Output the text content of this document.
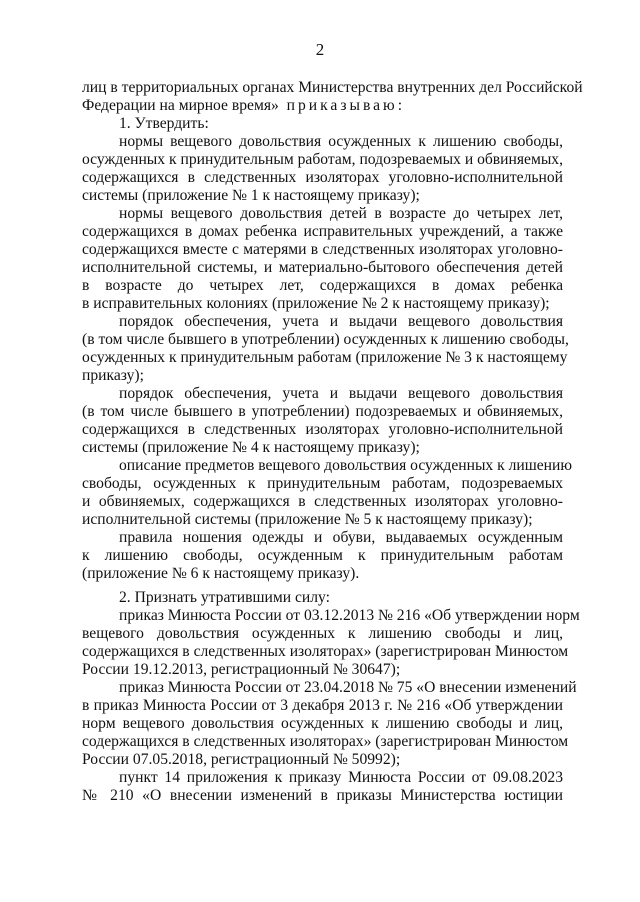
2
лиц в территориальных органах Министерства внутренних дел Российской
Федерации на мирное время» приказываю:
1. Утвердить:
нормы вещевого довольствия осужденных к лишению свободы,
осужденных к принудительным работам, подозреваемых и обвиняемых,
содержащихся в следственных изоляторах уголовно-исполнительной
системы (приложение № 1 к настоящему приказу);
нормы вещевого довольствия детей в возрасте до четырех лет,
содержащихся в домах ребенка исправительных учреждений, а также
содержащихся вместе с матерями в следственных изоляторах уголовно-
исполнительной системы, и материально-бытового обеспечения детей
в возрасте до четырех лет, содержащихся в домах ребенка
в исправительных колониях (приложение № 2 к настоящему приказу);
порядок обеспечения, учета и выдачи вещевого довольствия
(в том числе бывшего в употреблении) осужденных к лишению свободы,
осужденных к принудительным работам (приложение № 3 к настоящему
приказу);
порядок обеспечения, учета и выдачи вещевого довольствия
(в том числе бывшего в употреблении) подозреваемых и обвиняемых,
содержащихся в следственных изоляторах уголовно-исполнительной
системы (приложение № 4 к настоящему приказу);
описание предметов вещевого довольствия осужденных к лишению
свободы, осужденных к принудительным работам, подозреваемых
и обвиняемых, содержащихся в следственных изоляторах уголовно-
исполнительной системы (приложение № 5 к настоящему приказу);
правила ношения одежды и обуви, выдаваемых осужденным
к лишению свободы, осужденным к принудительным работам
(приложение № 6 к настоящему приказу).
2. Признать утратившими силу:
приказ Минюста России от 03.12.2013 № 216 «Об утверждении норм
вещевого довольствия осужденных к лишению свободы и лиц,
содержащихся в следственных изоляторах» (зарегистрирован Минюстом
России 19.12.2013, регистрационный № 30647);
приказ Минюста России от 23.04.2018 № 75 «О внесении изменений
в приказ Минюста России от 3 декабря 2013 г. № 216 «Об утверждении
норм вещевого довольствия осужденных к лишению свободы и лиц,
содержащихся в следственных изоляторах» (зарегистрирован Минюстом
России 07.05.2018, регистрационный № 50992);
пункт 14 приложения к приказу Минюста России от 09.08.2023
№ 210 «О внесении изменений в приказы Министерства юстиции
